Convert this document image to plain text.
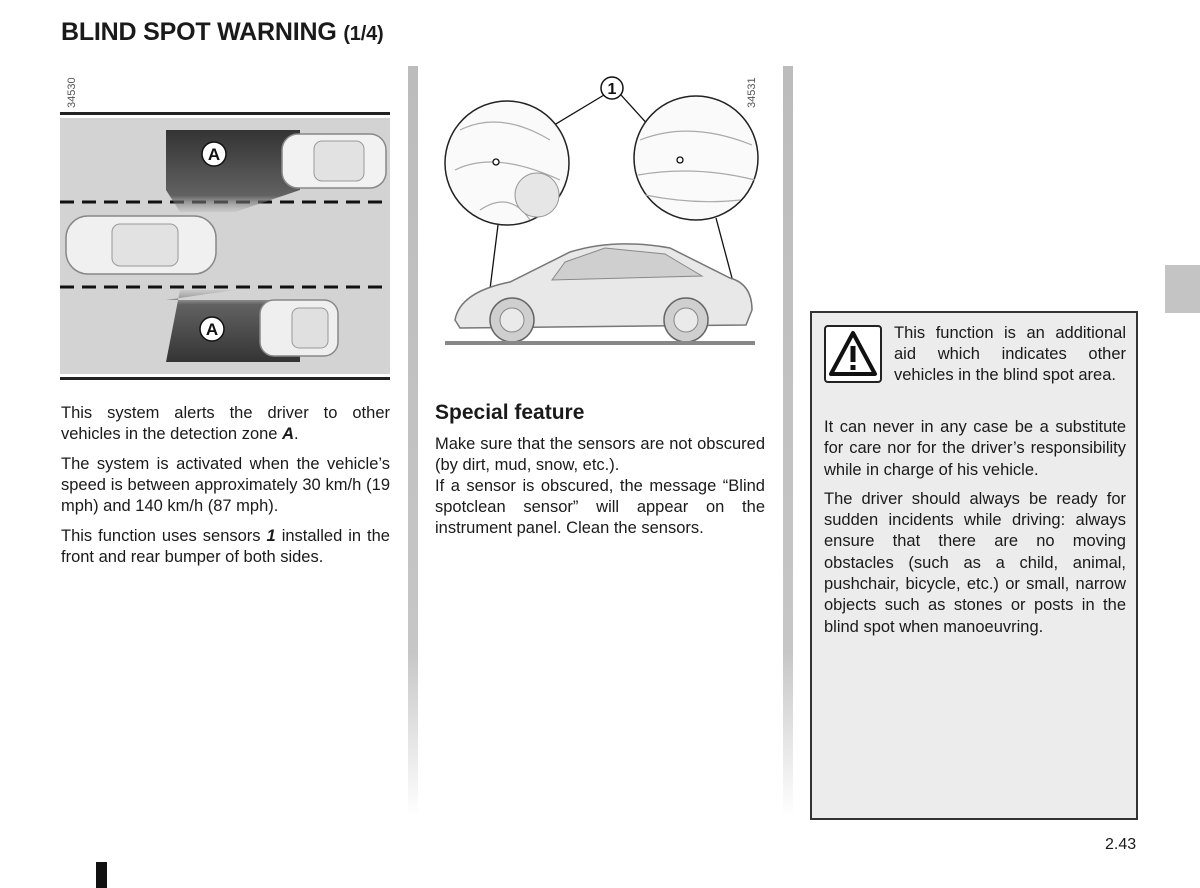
BLIND SPOT WARNING (1/4)
34530
A
A
34531
1

This system alerts the driver to other vehicles in the detection zone A.

The system is activated when the vehicle’s speed is between approximately 30 km/h (19 mph) and 140 km/h (87 mph).

This function uses sensors 1 installed in the front and rear bumper of both sides.

Special feature

Make sure that the sensors are not obscured (by dirt, mud, snow, etc.).

If a sensor is obscured, the message “Blind spotclean sensor” will appear on the instrument panel. Clean the sensors.

This function is an additional aid which indicates other vehicles in the blind spot area.

It can never in any case be a substitute for care nor for the driver’s responsibility while in charge of his vehicle.

The driver should always be ready for sudden incidents while driving: always ensure that there are no moving obstacles (such as a child, animal, pushchair, bicycle, etc.) or small, narrow objects such as stones or posts in the blind spot when manoeuvring.

2.43
